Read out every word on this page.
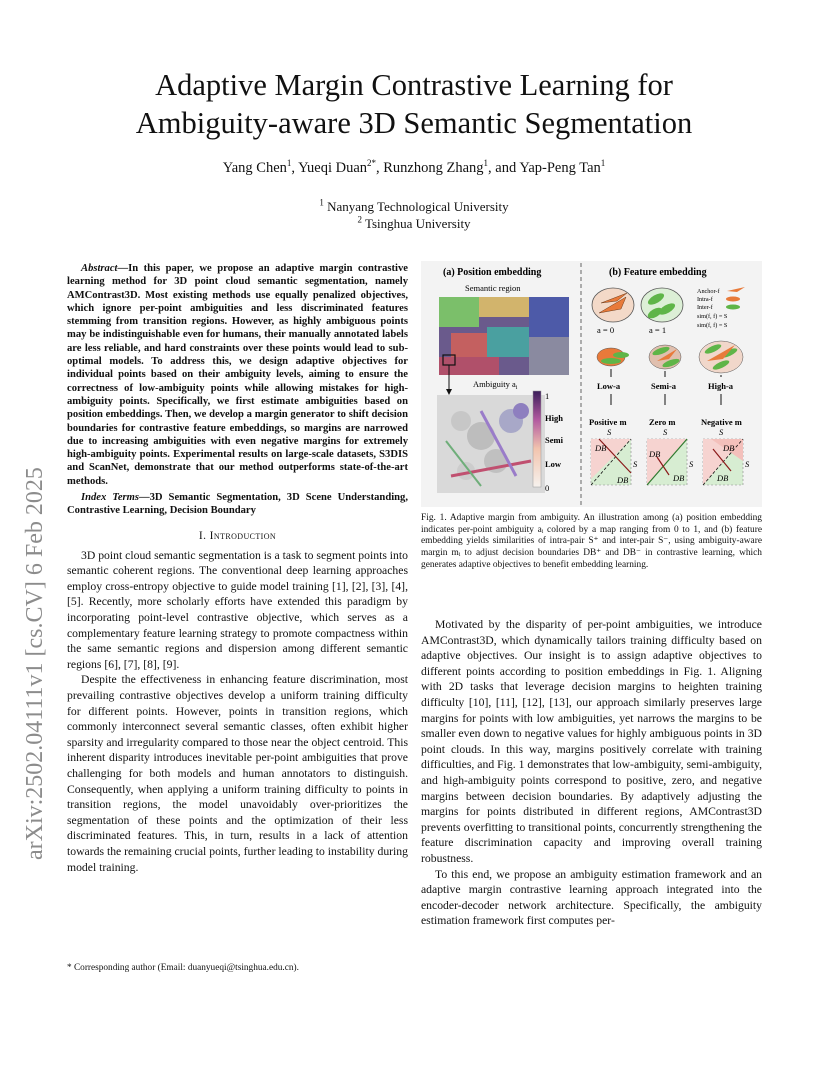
arXiv:2502.04111v1 [cs.CV] 6 Feb 2025
Adaptive Margin Contrastive Learning for
Ambiguity-aware 3D Semantic Segmentation
Yang Chen$^1$, Yueqi Duan$^{2*}$, Runzhong Zhang$^1$, and Yap-Peng Tan$^1$
$^1$ Nanyang Technological University
$^2$ Tsinghua University

Abstract—In this paper, we propose an adaptive margin contrastive learning method for 3D point cloud semantic segmentation, namely AMContrast3D. Most existing methods use equally penalized objectives, which ignore per-point ambiguities and less discriminated features stemming from transition regions. However, as highly ambiguous points may be indistinguishable even for humans, their manually annotated labels are less reliable, and hard constraints over these points would lead to sub-optimal models. To address this, we design adaptive objectives for individual points based on their ambiguity levels, aiming to ensure the correctness of low-ambiguity points while allowing mistakes for high-ambiguity points. Specifically, we first estimate ambiguities based on position embeddings. Then, we develop a margin generator to shift decision boundaries for contrastive feature embeddings, so margins are narrowed due to increasing ambiguities with even negative margins for extremely high-ambiguity points. Experimental results on large-scale datasets, S3DIS and ScanNet, demonstrate that our method outperforms state-of-the-art methods.

Index Terms—3D Semantic Segmentation, 3D Scene Understanding, Contrastive Learning, Decision Boundary

I. Introduction

3D point cloud semantic segmentation is a task to segment points into semantic coherent regions. The conventional deep learning approaches employ cross-entropy objective to guide model training [1], [2], [3], [4], [5]. Recently, more scholarly efforts have extended this paradigm by incorporating point-level contrastive objective, which serves as a complementary feature learning strategy to promote compactness within the same semantic regions and dispersion among different semantic regions [6], [7], [8], [9].

Despite the effectiveness in enhancing feature discrimination, most prevailing contrastive objectives develop a uniform training difficulty for different points. However, points in transition regions, which commonly interconnect several semantic classes, often exhibit higher sparsity and irregularity compared to those near the object centroid. This inherent disparity introduces inevitable per-point ambiguities that prove challenging for both models and human annotators to distinguish. Consequently, when applying a uniform training difficulty to points in transition regions, the model unavoidably over-prioritizes the segmentation of these points and the optimization of their less discriminated features. This, in turn, results in a lack of attention towards the remaining crucial points, further leading to instability during model training.

* Corresponding author (Email: duanyueqi@tsinghua.edu.cn).
(a) Position embedding	(b) Feature embedding
Semantic region
Ambiguity $a_i$
1
High
Semi
Low
0
a = 0	a = 1
Anchor-f
Intra-f
Inter-f
sim(f, f) = S
sim(f, f) = S
Low-a	Semi-a	High-a
Positive m	Zero m	Negative m
DB
DB
S
S
DB
DB
S
S
DB
DB
S
S
Fig. 1. Adaptive margin from ambiguity. An illustration among (a) position embedding indicates per-point ambiguity aᵢ colored by a map ranging from 0 to 1, and (b) feature embedding yields similarities of intra-pair S⁺ and inter-pair S⁻, using ambiguity-aware margin mᵢ to adjust decision boundaries DB⁺ and DB⁻ in contrastive learning, which generates adaptive objectives to benefit embedding learning.

Motivated by the disparity of per-point ambiguities, we introduce AMContrast3D, which dynamically tailors training difficulty based on adaptive objectives. Our insight is to assign adaptive objectives to different points according to position embeddings in Fig. 1. Aligning with 2D tasks that leverage decision margins to heighten training difficulty [10], [11], [12], [13], our approach similarly preserves large margins for points with low ambiguities, yet narrows the margins to be smaller even down to negative values for highly ambiguous points in 3D point clouds. In this way, margins positively correlate with training difficulties, and Fig. 1 demonstrates that low-ambiguity, semi-ambiguity, and high-ambiguity points correspond to positive, zero, and negative margins between decision boundaries. By adaptively adjusting the margins for points distributed in different regions, AMContrast3D prevents overfitting to transitional points, concurrently strengthening the feature discrimination capacity and improving overall training robustness.

To this end, we propose an ambiguity estimation framework and an adaptive margin contrastive learning approach integrated into the encoder-decoder network architecture. Specifically, the ambiguity estimation framework first computes per-
